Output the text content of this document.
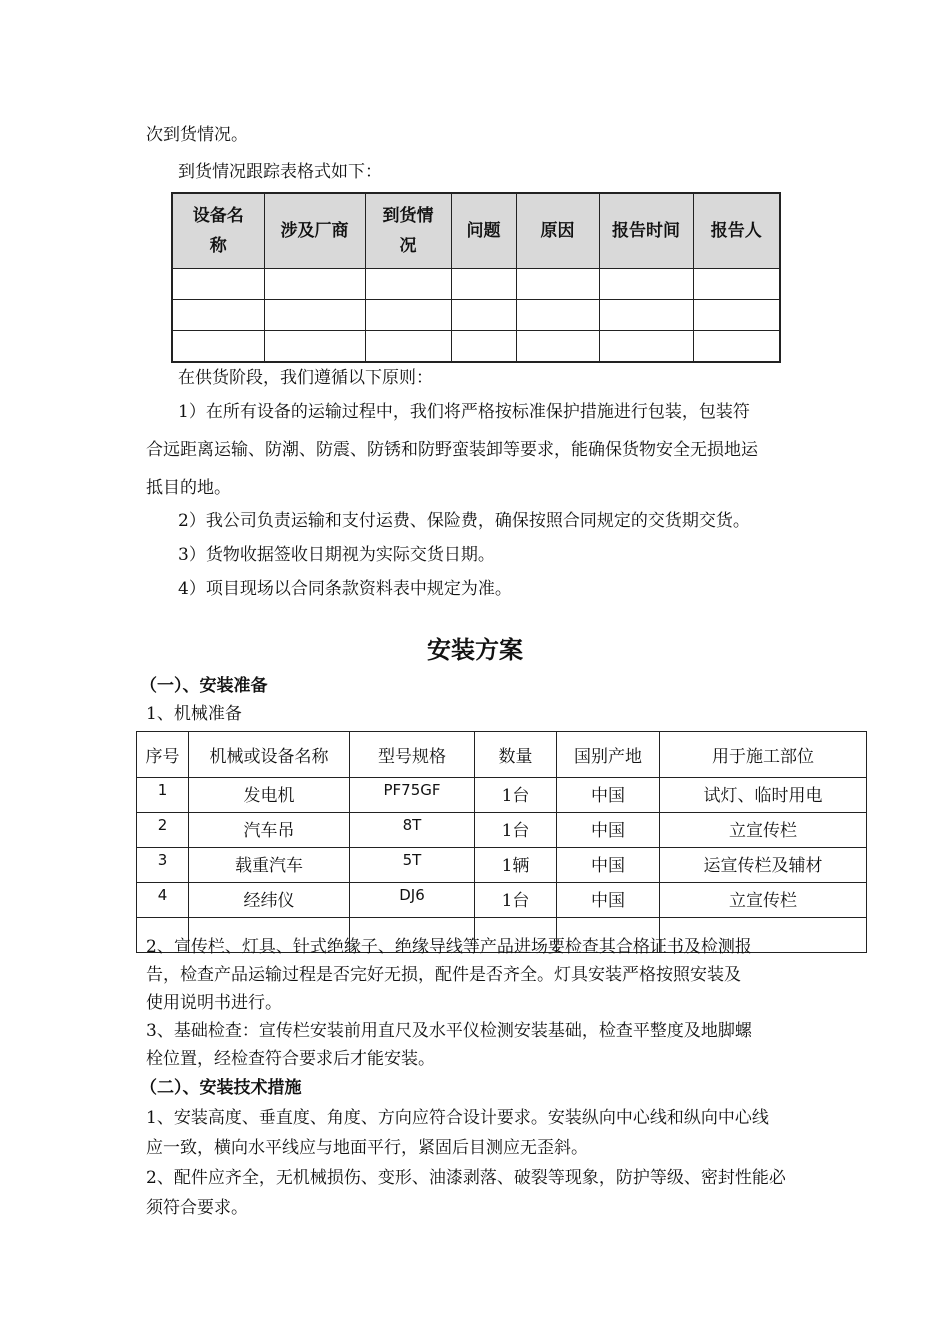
次到货情况。
到货情况跟踪表格式如下：
设备名称	涉及厂商	到货情况	问题	原因	报告时间	报告人

在供货阶段，我们遵循以下原则：
1）在所有设备的运输过程中，我们将严格按标准保护措施进行包装，包装符
合远距离运输、防潮、防震、防锈和防野蛮装卸等要求，能确保货物安全无损地运
抵目的地。
2）我公司负责运输和支付运费、保险费，确保按照合同规定的交货期交货。
3）货物收据签收日期视为实际交货日期。
4）项目现场以合同条款资料表中规定为准。
安装方案
（一）、安装准备
1、机械准备
序号	机械或设备名称	型号规格	数量	国别产地	用于施工部位
1	发电机	PF75GF	1台	中国	试灯、临时用电
2	汽车吊	8T	1台	中国	立宣传栏
3	载重汽车	5T	1辆	中国	运宣传栏及辅材
4	经纬仪	DJ6	1台	中国	立宣传栏

2、宣传栏、灯具、针式绝缘子、绝缘导线等产品进场要检查其合格证书及检测报
告，检查产品运输过程是否完好无损，配件是否齐全。灯具安装严格按照安装及
使用说明书进行。
3、基础检查：宣传栏安装前用直尺及水平仪检测安装基础，检查平整度及地脚螺
栓位置，经检查符合要求后才能安装。
（二）、安装技术措施
1、安装高度、垂直度、角度、方向应符合设计要求。安装纵向中心线和纵向中心线
应一致，横向水平线应与地面平行，紧固后目测应无歪斜。
2、配件应齐全，无机械损伤、变形、油漆剥落、破裂等现象，防护等级、密封性能必
须符合要求。
